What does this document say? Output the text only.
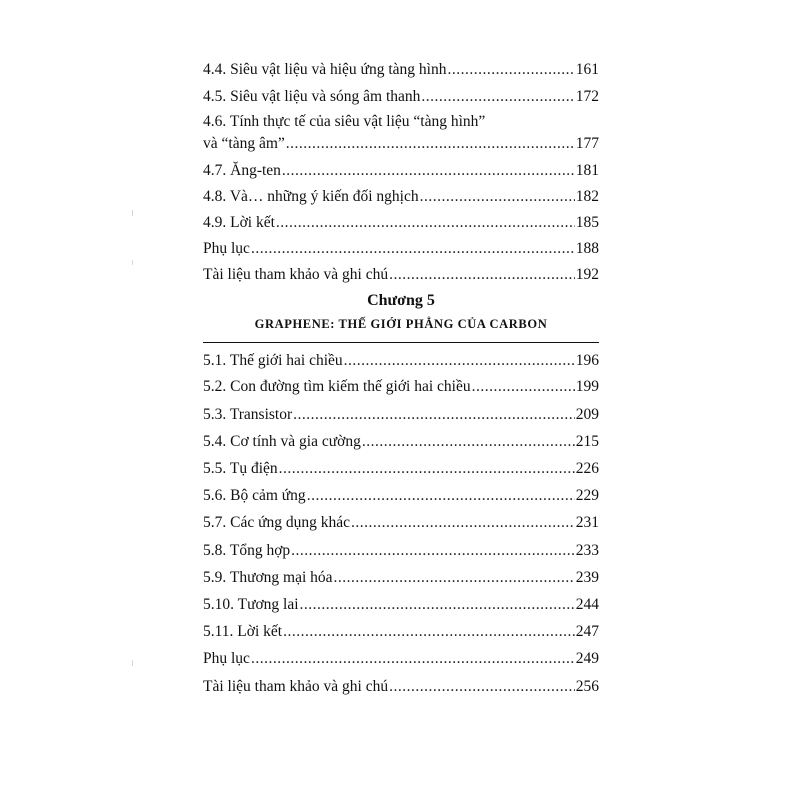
4.4. Siêu vật liệu và hiệu ứng tàng hình .....	161
4.5. Siêu vật liệu và sóng âm thanh .....	172
4.6. Tính thực tế của siêu vật liệu “tàng hình”
và “tàng âm” .....	177
4.7. Ăng-ten .....	181
4.8. Và… những ý kiến đối nghịch .....	182
4.9. Lời kết .....	185
Phụ lục .....	188
Tài liệu tham khảo và ghi chú .....	192
Chương 5
GRAPHENE: THẾ GIỚI PHẲNG CỦA CARBON
5.1. Thế giới hai chiều .....	196
5.2. Con đường tìm kiếm thế giới hai chiều .....	199
5.3. Transistor .....	209
5.4. Cơ tính và gia cường .....	215
5.5. Tụ điện .....	226
5.6. Bộ cảm ứng .....	229
5.7. Các ứng dụng khác .....	231
5.8. Tổng hợp .....	233
5.9. Thương mại hóa .....	239
5.10. Tương lai .....	244
5.11. Lời kết .....	247
Phụ lục .....	249
Tài liệu tham khảo và ghi chú .....	256
